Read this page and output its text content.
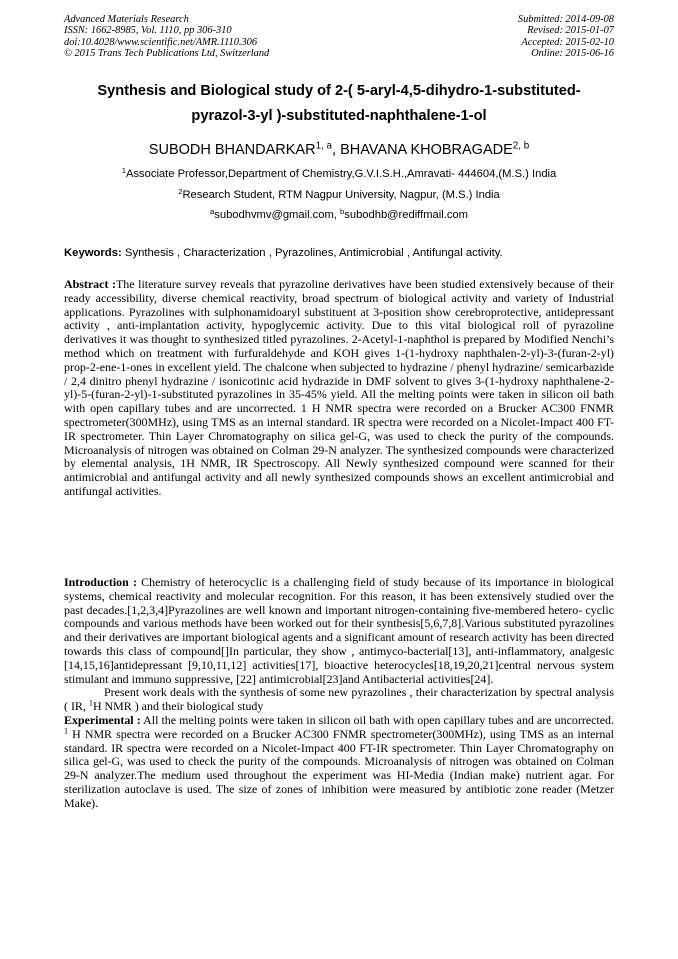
Advanced Materials Research
ISSN: 1662-8985, Vol. 1110, pp 306-310
doi:10.4028/www.scientific.net/AMR.1110.306
© 2015 Trans Tech Publications Ltd, Switzerland
Submitted: 2014-09-08
Revised: 2015-01-07
Accepted: 2015-02-10
Online: 2015-06-16
Synthesis and Biological study of 2-( 5-aryl-4,5-dihydro-1-substituted-
pyrazol-3-yl )-substituted-naphthalene-1-ol
SUBODH BHANDARKAR$^{1, a}$, BHAVANA KHOBRAGADE$^{2, b}$
$^1$Associate Professor,Department of Chemistry,G.V.I.S.H.,Amravati- 444604,(M.S.) India
$^2$Research Student, RTM Nagpur University, Nagpur, (M.S.) India
$^a$subodhvmv@gmail.com, $^b$subodhb@rediffmail.com
Keywords: Synthesis , Characterization , Pyrazolines, Antimicrobial , Antifungal activity.

Abstract :The literature survey reveals that pyrazoline derivatives have been studied extensively because of their ready accessibility, diverse chemical reactivity, broad spectrum of biological activity and variety of Industrial applications. Pyrazolines with sulphonamidoaryl substituent at 3-position show cerebroprotective, antidepressant activity , anti-implantation activity, hypoglycemic activity. Due to this vital biological roll of pyrazoline derivatives it was thought to synthesized titled pyrazolines. 2-Acetyl-1-naphthol is prepared by Modified Nenchi’s method which on treatment with furfuraldehyde and KOH gives 1-(1-hydroxy naphthalen-2-yl)-3-(furan-2-yl) prop-2-ene-1-ones in excellent yield. The chalcone when subjected to hydrazine / phenyl hydrazine/ semicarbazide / 2,4 dinitro phenyl hydrazine / isonicotinic acid hydrazide in DMF solvent to gives 3-(1-hydroxy naphthalene-2-yl)-5-(furan-2-yl)-1-substituted pyrazolines in 35-45% yield. All the melting points were taken in silicon oil bath with open capillary tubes and are uncorrected. 1 H NMR spectra were recorded on a Brucker AC300 FNMR spectrometer(300MHz), using TMS as an internal standard. IR spectra were recorded on a Nicolet-Impact 400 FT-IR spectrometer. Thin Layer Chromatography on silica gel-G, was used to check the purity of the compounds. Microanalysis of nitrogen was obtained on Colman 29-N analyzer. The synthesized compounds were characterized by elemental analysis, 1H NMR, IR Spectroscopy. All Newly synthesized compound were scanned for their antimicrobial and antifungal activity and all newly synthesized compounds shows an excellent antimicrobial and antifungal activities.

Introduction : Chemistry of heterocyclic is a challenging field of study because of its importance in biological systems, chemical reactivity and molecular recognition. For this reason, it has been extensively studied over the past decades.[1,2,3,4]Pyrazolines are well known and important nitrogen-containing five-membered hetero- cyclic compounds and various methods have been worked out for their synthesis[5,6,7,8].Various substituted pyrazolines and their derivatives are important biological agents and a significant amount of research activity has been directed towards this class of compound[]In particular, they show , antimyco-bacterial[13], anti-inflammatory, analgesic [14,15,16]antidepressant [9,10,11,12] activities[17], bioactive heterocycles[18,19,20,21]central nervous system stimulant and immuno suppressive, [22] antimicrobial[23]and Antibacterial activities[24].

Present work deals with the synthesis of some new pyrazolines , their characterization by spectral analysis ( IR, $^1$H NMR ) and their biological study

Experimental : All the melting points were taken in silicon oil bath with open capillary tubes and are uncorrected. $^1$ H NMR spectra were recorded on a Brucker AC300 FNMR spectrometer(300MHz), using TMS as an internal standard. IR spectra were recorded on a Nicolet-Impact 400 FT-IR spectrometer. Thin Layer Chromatography on silica gel-G, was used to check the purity of the compounds. Microanalysis of nitrogen was obtained on Colman 29-N analyzer.The medium used throughout the experiment was HI-Media (Indian make) nutrient agar. For sterilization autoclave is used. The size of zones of inhibition were measured by antibiotic zone reader (Metzer Make).
